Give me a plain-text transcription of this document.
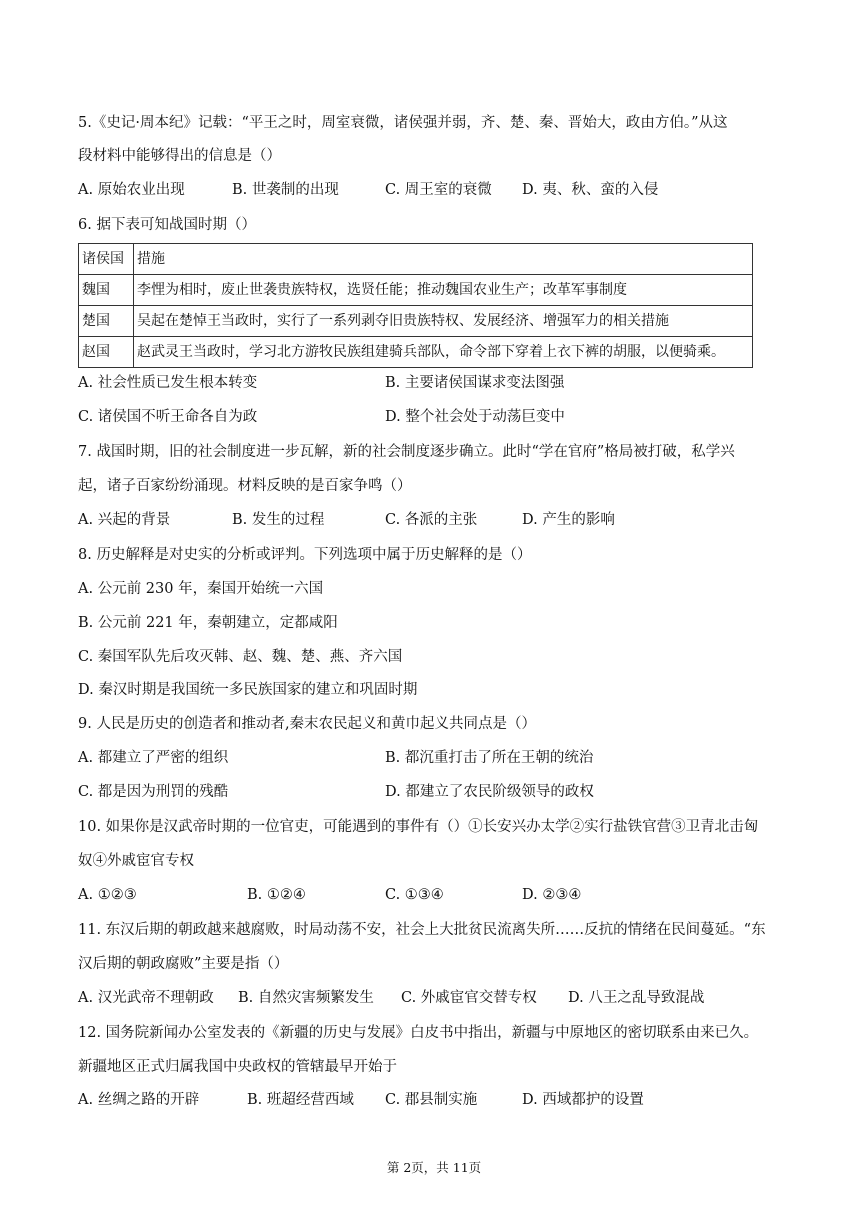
5.《史记·周本纪》记载：“平王之时，周室衰微，诸侯强并弱，齐、楚、秦、晋始大，政由方伯。”从这
段材料中能够得出的信息是（）
A. 原始农业出现	B. 世袭制的出现	C. 周王室的衰微 D. 夷、秋、蛮的入侵
6. 据下表可知战国时期（）
诸侯国	措施
魏国	李悝为相时，废止世袭贵族特权，选贤任能；推动魏国农业生产；改革军事制度
楚国	吴起在楚悼王当政时，实行了一系列剥夺旧贵族特权、发展经济、增强军力的相关措施
赵国	赵武灵王当政时，学习北方游牧民族组建骑兵部队，命令部下穿着上衣下裤的胡服，以便骑乘。
A. 社会性质已发生根本转变	B. 主要诸侯国谋求变法图强
C. 诸侯国不听王命各自为政	D. 整个社会处于动荡巨变中
7. 战国时期，旧的社会制度进一步瓦解，新的社会制度逐步确立。此时“学在官府”格局被打破，私学兴
起，诸子百家纷纷涌现。材料反映的是百家争鸣（）
A. 兴起的背景	B. 发生的过程	C. 各派的主张	D. 产生的影响
8. 历史解释是对史实的分析或评判。下列选项中属于历史解释的是（）
A. 公元前 230 年，秦国开始统一六国
B. 公元前 221 年，秦朝建立，定都咸阳
C. 秦国军队先后攻灭韩、赵、魏、楚、燕、齐六国
D. 秦汉时期是我国统一多民族国家的建立和巩固时期
9. 人民是历史的创造者和推动者,秦末农民起义和黄巾起义共同点是（）
A. 都建立了严密的组织	B. 都沉重打击了所在王朝的统治
C. 都是因为刑罚的残酷	D. 都建立了农民阶级领导的政权
10. 如果你是汉武帝时期的一位官吏，可能遇到的事件有（）①长安兴办太学②实行盐铁官营③卫青北击匈
奴④外戚宦官专权
A. ①②③	B. ①②④	C. ①③④	D. ②③④
11. 东汉后期的朝政越来越腐败，时局动荡不安，社会上大批贫民流离失所……反抗的情绪在民间蔓延。“东
汉后期的朝政腐败”主要是指（）
A. 汉光武帝不理朝政 B. 自然灾害频繁发生 C. 外戚宦官交替专权 D. 八王之乱导致混战
12. 国务院新闻办公室发表的《新疆的历史与发展》白皮书中指出，新疆与中原地区的密切联系由来已久。
新疆地区正式归属我国中央政权的管辖最早开始于
A. 丝绸之路的开辟	B. 班超经营西域 C. 郡县制实施	D. 西域都护的设置
第 2页，共 11页
